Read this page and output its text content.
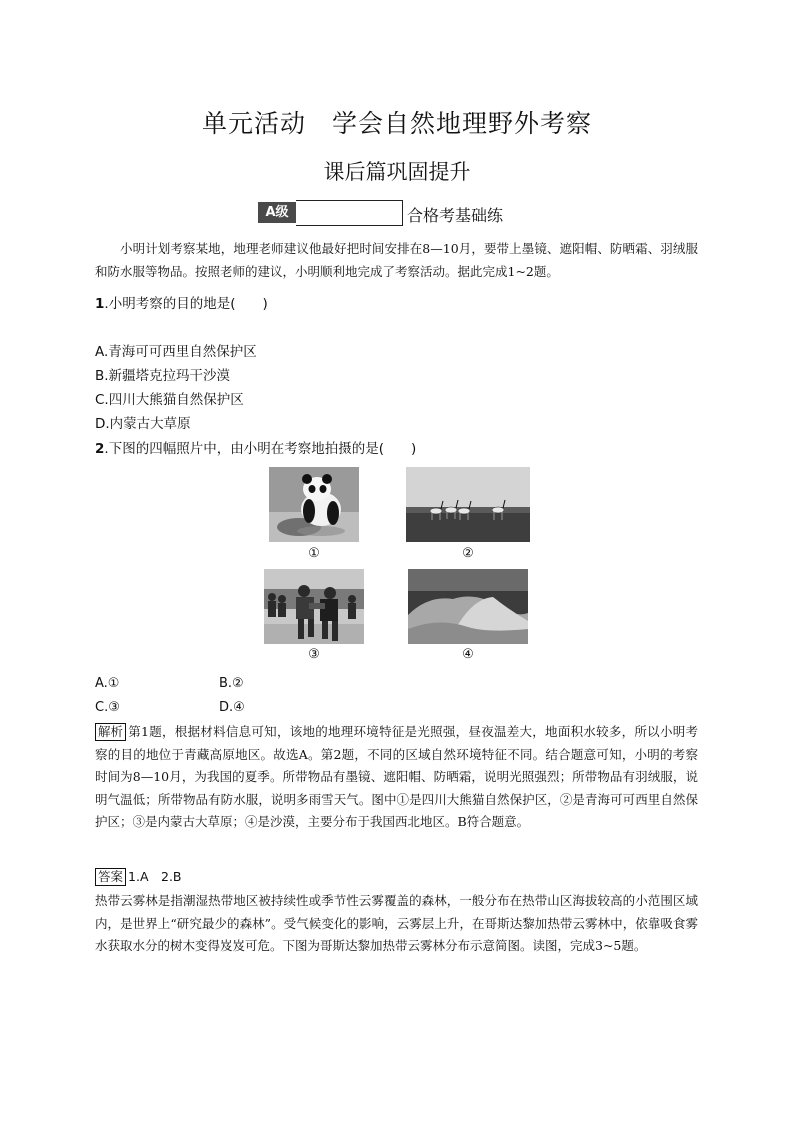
单元活动　学会自然地理野外考察
课后篇巩固提升
A级	合格考基础练
小明计划考察某地，地理老师建议他最好把时间安排在8—10月，要带上墨镜、遮阳帽、防晒霜、羽绒服和防水服等物品。按照老师的建议，小明顺利地完成了考察活动。据此完成1~2题。
1.小明考察的目的地是(　　)
A.青海可可西里自然保护区
B.新疆塔克拉玛干沙漠
C.四川大熊猫自然保护区
D.内蒙古大草原
2.下图的四幅照片中，由小明在考察地拍摄的是(　　)
①	②
③	④
A.①	B.②
C.③	D.④
解析 第1题，根据材料信息可知，该地的地理环境特征是光照强，昼夜温差大，地面积水较多，所以小明考察的目的地位于青藏高原地区。故选A。第2题，不同的区域自然环境特征不同。结合题意可知，小明的考察时间为8—10月，为我国的夏季。所带物品有墨镜、遮阳帽、防晒霜，说明光照强烈；所带物品有羽绒服，说明气温低；所带物品有防水服，说明多雨雪天气。图中①是四川大熊猫自然保护区，②是青海可可西里自然保护区；③是内蒙古大草原；④是沙漠，主要分布于我国西北地区。B符合题意。
答案 1.A　2.B
热带云雾林是指潮湿热带地区被持续性或季节性云雾覆盖的森林，一般分布在热带山区海拔较高的小范围区域内，是世界上“研究最少的森林”。受气候变化的影响，云雾层上升，在哥斯达黎加热带云雾林中，依靠吸食雾水获取水分的树木变得岌岌可危。下图为哥斯达黎加热带云雾林分布示意简图。读图，完成3~5题。
